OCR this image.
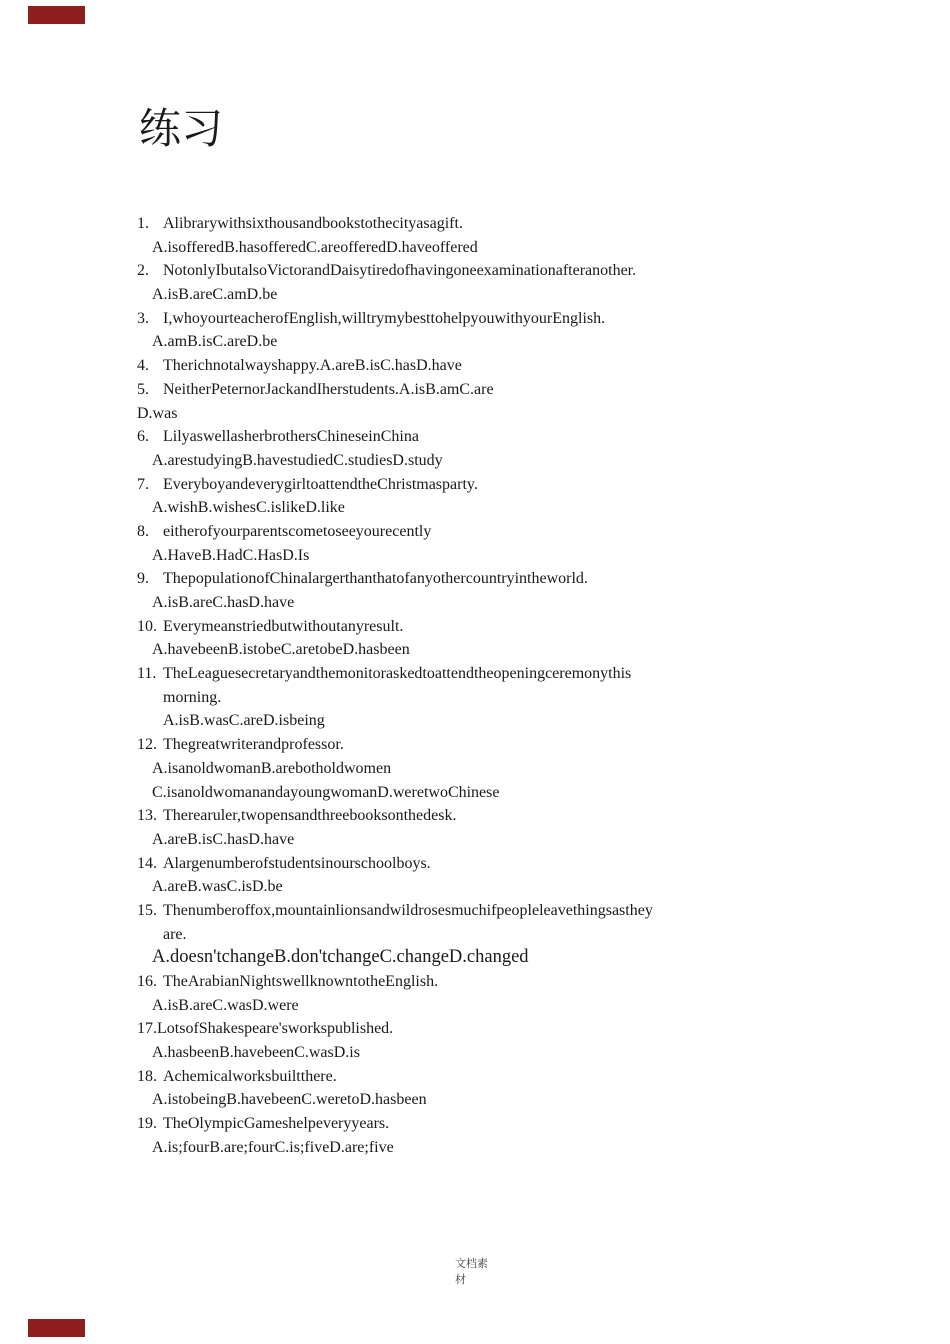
练习
1. Alibrarywithsixthousandbookstothecityasagift.
A.isofferedB.hasofferedC.areofferedD.haveoffered
2. NotonlyIbutalsoVictorandDaisytiredofhavingoneexaminationafteranother.
A.isB.areC.amD.be
3. I,whoyourteacherofEnglish,willtrymybesttohelpyouwithyourEnglish.
A.amB.isC.areD.be
4. Therichnotalwayshappy.A.areB.isC.hasD.have
5. NeitherPeternorJackandIherstudents.A.isB.amC.are
D.was
6. LilyaswellasherbrothersChineseinChina
A.arestudyingB.havestudiedC.studiesD.study
7. EveryboyandeverygirltoattendtheChristmasparty.
A.wishB.wishesC.islikeD.like
8. eitherofyourparentscometoseeyourecently
A.HaveB.HadC.HasD.Is
9. ThepopulationofChinalargerthanthatofanyothercountryintheworld.
A.isB.areC.hasD.have
10. Everymeanstriedbutwithoutanyresult.
A.havebeenB.istobeC.aretobeD.hasbeen
11. TheLeaguesecretaryandthemonitoraskedtoattendtheopeningceremonythis
morning.
A.isB.wasC.areD.isbeing
12. Thegreatwriterandprofessor.
A.isanoldwomanB.arebotholdwomen
C.isanoldwomanandayoungwomanD.weretwoChinese
13. Therearuler,twopensandthreebooksonthedesk.
A.areB.isC.hasD.have
14. Alargenumberofstudentsinourschoolboys.
A.areB.wasC.isD.be
15. Thenumberoffox,mountainlionsandwildrosesmuchifpeopleleavethingsasthey
are.
A.doesn'tchangeB.don'tchangeC.changeD.changed
16. TheArabianNightswellknowntotheEnglish.
A.isB.areC.wasD.were
17.LotsofShakespeare'sworkspublished.
A.hasbeenB.havebeenC.wasD.is
18. Achemicalworksbuiltthere.
A.istobeingB.havebeenC.weretoD.hasbeen
19. TheOlympicGameshelpeveryyears.
A.is;fourB.are;fourC.is;fiveD.are;five
文档素
材
